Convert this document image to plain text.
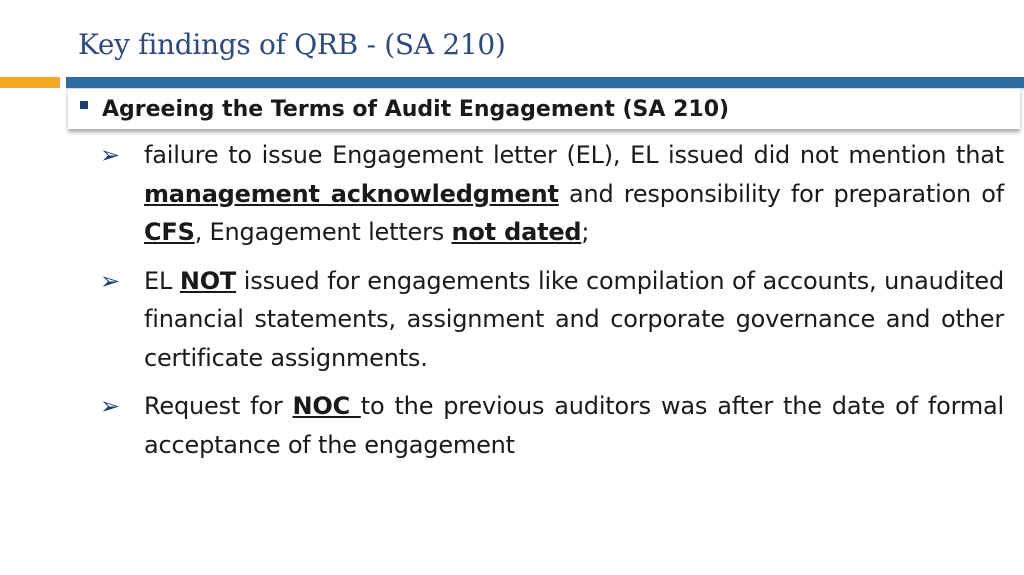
Key findings of QRB - (SA 210)
Agreeing the Terms of Audit Engagement (SA 210)
➢ failure to issue Engagement letter (EL), EL issued did not mention that management acknowledgment and responsibility for preparation of CFS, Engagement letters not dated;
➢ EL NOT issued for engagements like compilation of accounts, unaudited financial statements, assignment and corporate governance and other certificate assignments.
➢ Request for NOC to the previous auditors was after the date of formal acceptance of the engagement
